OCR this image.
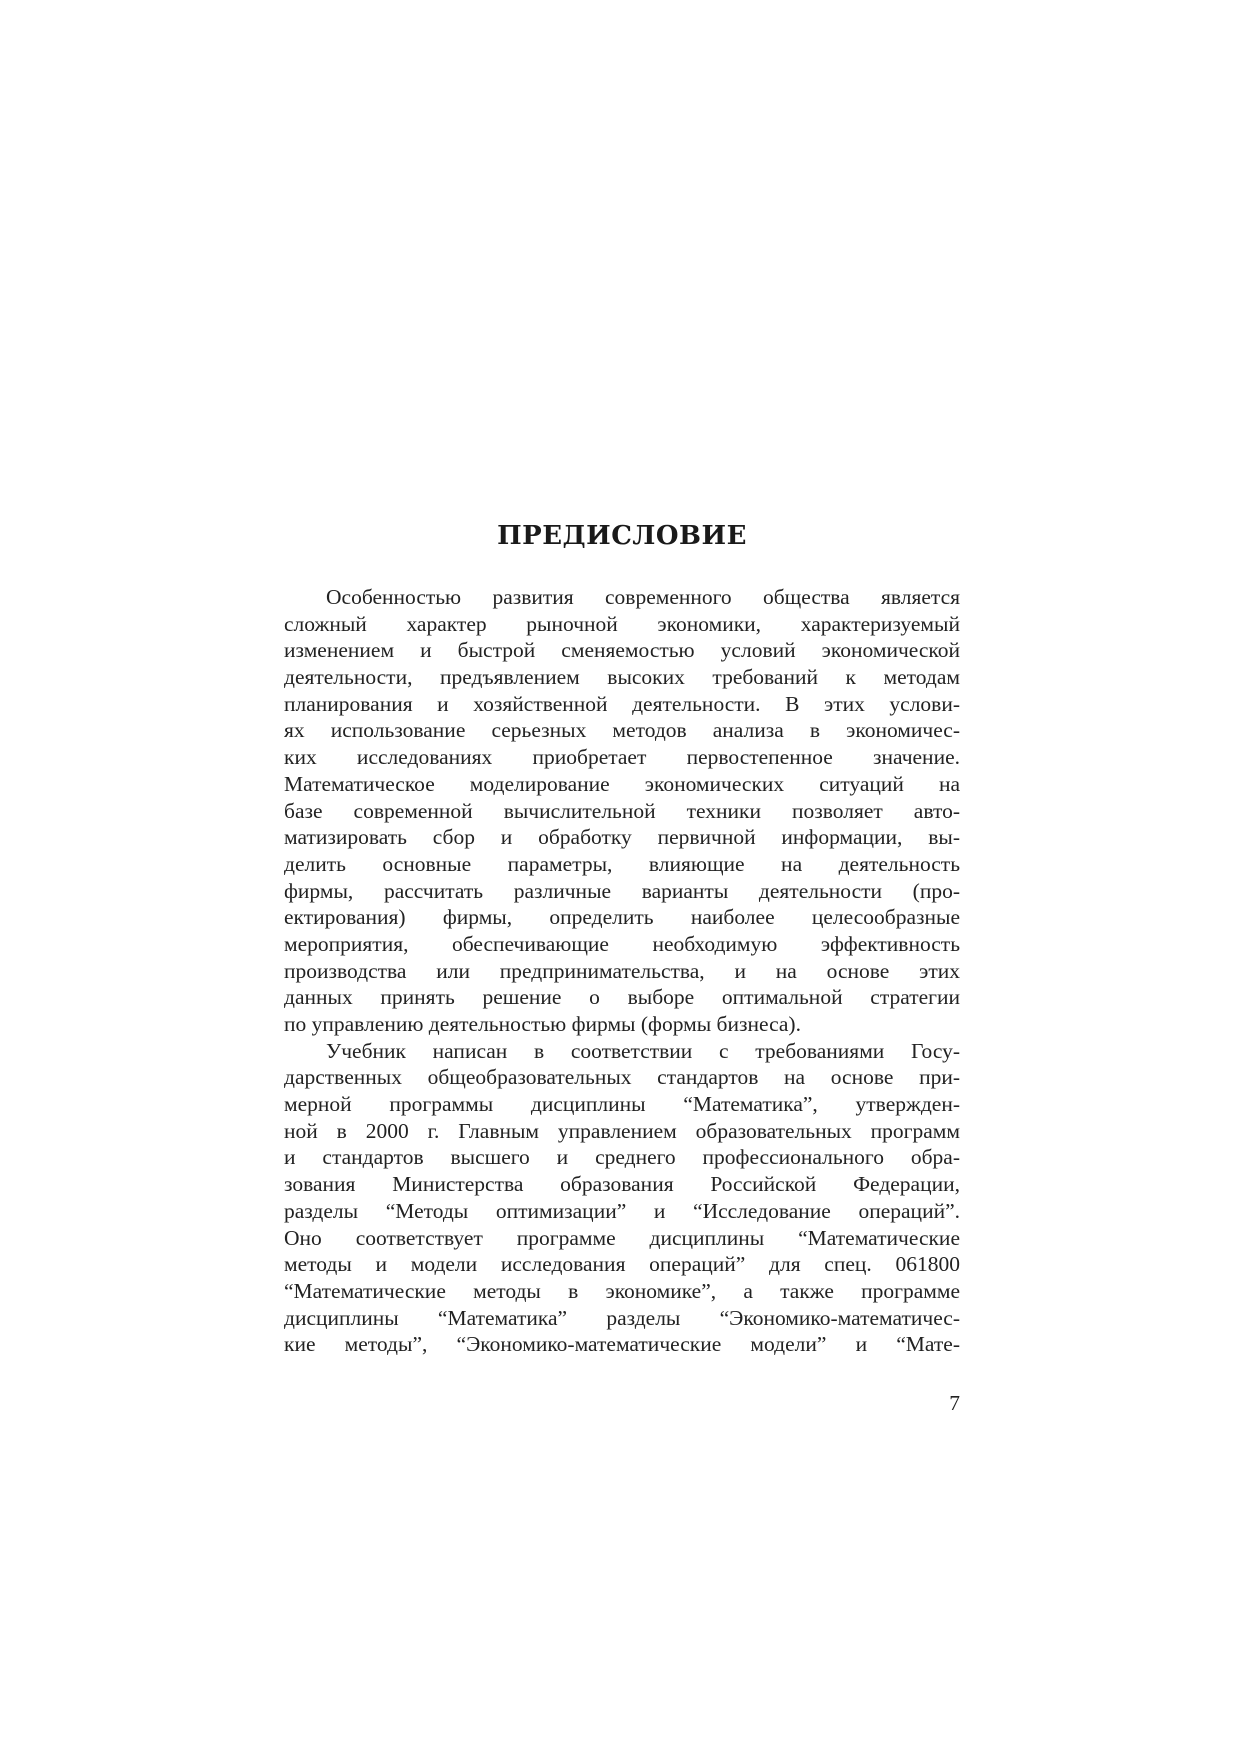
ПРЕДИСЛОВИЕ
Особенностью развития современного общества является
сложный характер рыночной экономики, характеризуемый
изменением и быстрой сменяемостью условий экономической
деятельности, предъявлением высоких требований к методам
планирования и хозяйственной деятельности. В этих услови-
ях использование серьезных методов анализа в экономичес-
ких исследованиях приобретает первостепенное значение.
Математическое моделирование экономических ситуаций на
базе современной вычислительной техники позволяет авто-
матизировать сбор и обработку первичной информации, вы-
делить основные параметры, влияющие на деятельность
фирмы, рассчитать различные варианты деятельности (про-
ектирования) фирмы, определить наиболее целесообразные
мероприятия, обеспечивающие необходимую эффективность
производства или предпринимательства, и на основе этих
данных принять решение о выборе оптимальной стратегии
по управлению деятельностью фирмы (формы бизнеса).
Учебник написан в соответствии с требованиями Госу-
дарственных общеобразовательных стандартов на основе при-
мерной программы дисциплины “Математика”, утвержден-
ной в 2000 г. Главным управлением образовательных программ
и стандартов высшего и среднего профессионального обра-
зования Министерства образования Российской Федерации,
разделы “Методы оптимизации” и “Исследование операций”.
Оно соответствует программе дисциплины “Математические
методы и модели исследования операций” для спец. 061800
“Математические методы в экономике”, а также программе
дисциплины “Математика” разделы “Экономико-математичес-
кие методы”, “Экономико-математические модели” и “Мате-
7
